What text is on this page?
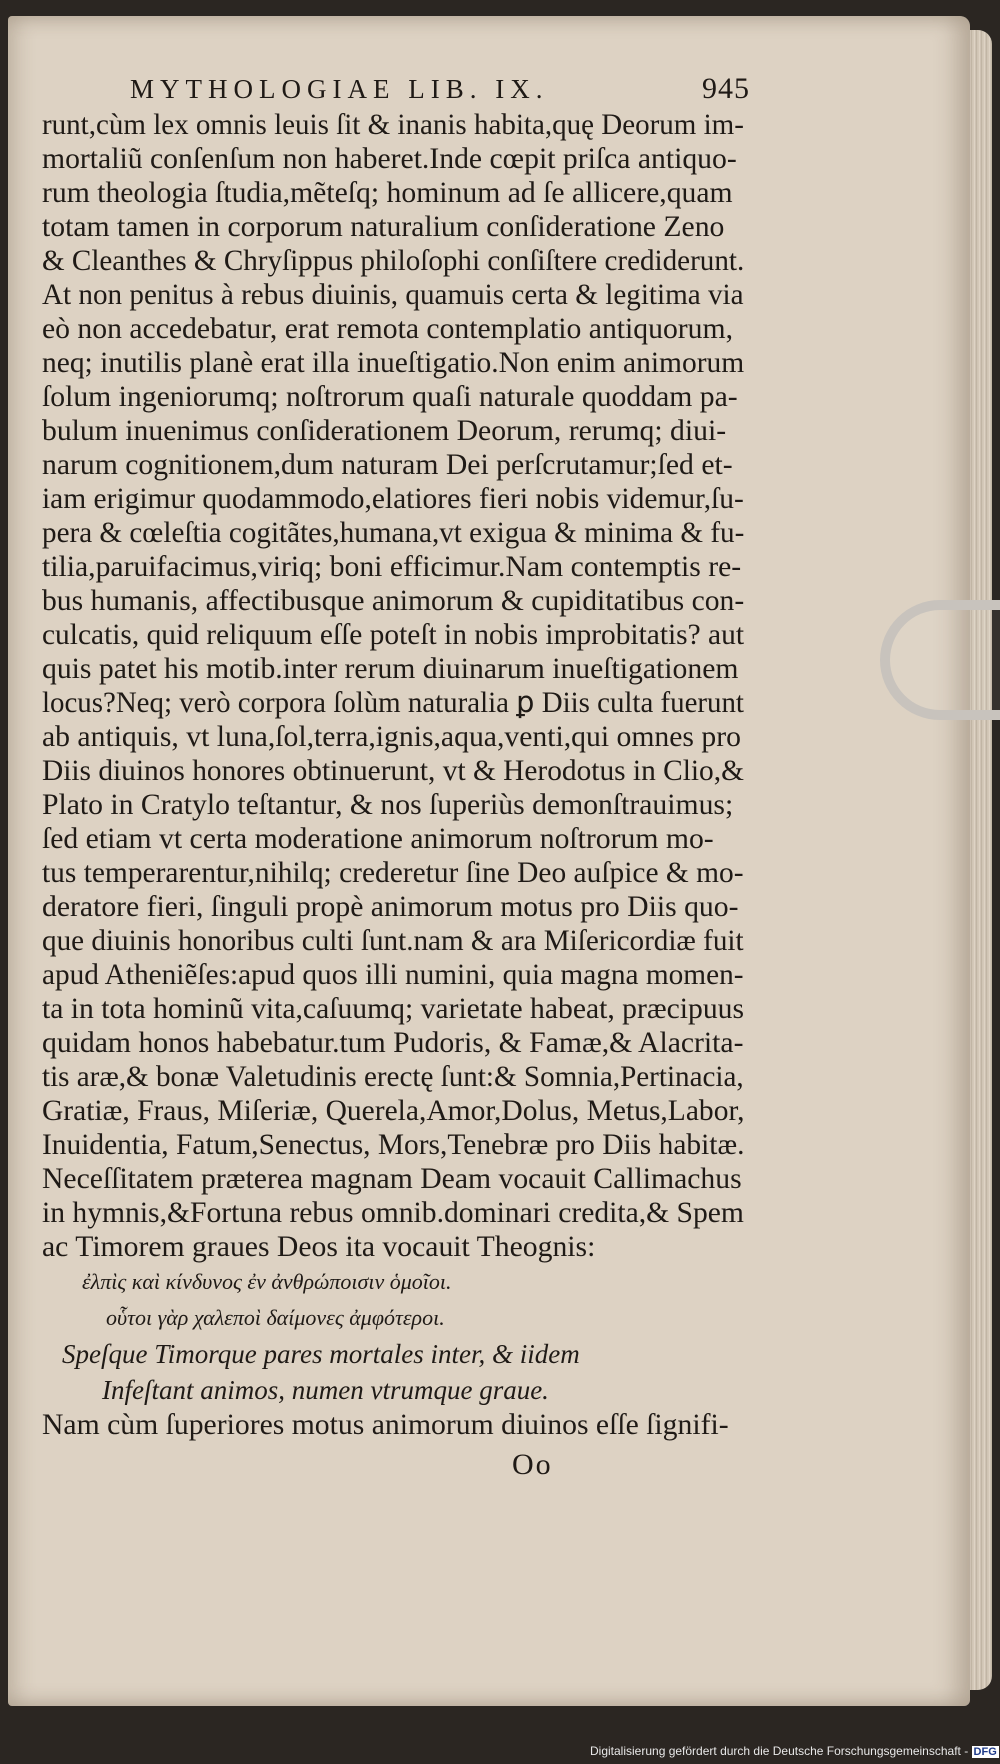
MYTHOLOGIAE LIB. IX.	945
runt,cùm lex omnis leuis ſit & inanis habita,quę Deorum im-
mortaliũ conſenſum non haberet.Inde cœpit priſca antiquo-
rum theologia ſtudia,mẽteſq; hominum ad ſe allicere,quam
totam tamen in corporum naturalium conſideratione Zeno
& Cleanthes & Chryſippus philoſophi conſiſtere crediderunt.
At non penitus à rebus diuinis, quamuis certa & legitima via
eò non accedebatur, erat remota contemplatio antiquorum,
neq; inutilis planè erat illa inueſtigatio.Non enim animorum
ſolum ingeniorumq; noſtrorum quaſi naturale quoddam pa-
bulum inuenimus conſiderationem Deorum, rerumq; diui-
narum cognitionem,dum naturam Dei perſcrutamur;ſed et-
iam erigimur quodammodo,elatiores fieri nobis videmur,ſu-
pera & cœleſtia cogitãtes,humana,vt exigua & minima & fu-
tilia,paruifacimus,viriq; boni efficimur.Nam contemptis re-
bus humanis, affectibusque animorum & cupiditatibus con-
culcatis, quid reliquum eſſe poteſt in nobis improbitatis? aut
quis patet his motib.inter rerum diuinarum inueſtigationem
locus?Neq; verò corpora ſolùm naturalia ꝑ Diis culta fuerunt
ab antiquis, vt luna,ſol,terra,ignis,aqua,venti,qui omnes pro
Diis diuinos honores obtinuerunt, vt & Herodotus in Clio,&
Plato in Cratylo teſtantur, & nos ſuperiùs demonſtrauimus;
ſed etiam vt certa moderatione animorum noſtrorum mo-
tus temperarentur,nihilq; crederetur ſine Deo auſpice & mo-
deratore fieri, ſinguli propè animorum motus pro Diis quo-
que diuinis honoribus culti ſunt.nam & ara Miſericordiæ fuit
apud Atheniẽſes:apud quos illi numini, quia magna momen-
ta in tota hominũ vita,caſuumq; varietate habeat, præcipuus
quidam honos habebatur.tum Pudoris, & Famæ,& Alacrita-
tis aræ,& bonæ Valetudinis erectę ſunt:& Somnia,Pertinacia,
Gratiæ, Fraus, Miſeriæ, Querela,Amor,Dolus, Metus,Labor,
Inuidentia, Fatum,Senectus, Mors,Tenebræ pro Diis habitæ.
Neceſſitatem præterea magnam Deam vocauit Callimachus
in hymnis,&Fortuna rebus omnib.dominari credita,& Spem
ac Timorem graues Deos ita vocauit Theognis:
ἐλπὶς καὶ κίνδυνος ἐν ἀνθρώποισιν ὁμοῖοι.
οὗτοι γὰρ χαλεποὶ δαίμονες ἀμφότεροι.
Speſque Timorque pares mortales inter, & iidem
Infeſtant animos, numen vtrumque graue.
Nam cùm ſuperiores motus animorum diuinos eſſe ſignifi-
Oo
Digitalisierung gefördert durch die Deutsche Forschungsgemeinschaft - DFG
